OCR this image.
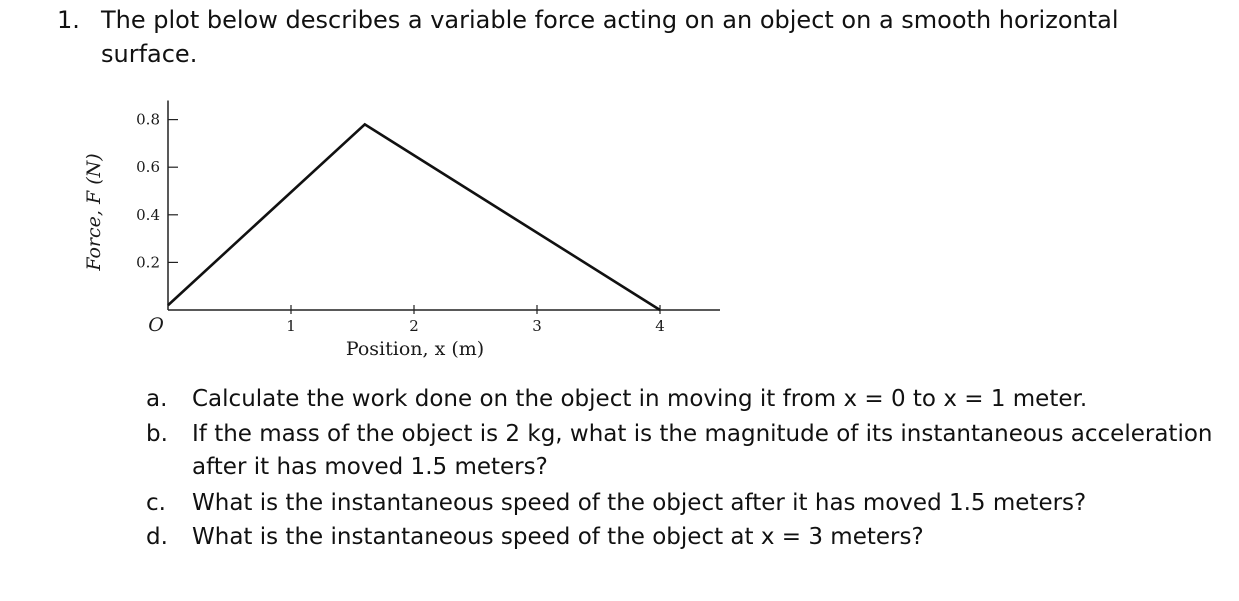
1. The plot below describes a variable force acting on an object on a smooth horizontal surface.
O	1	2	3	4
0.2
0.4
0.6
0.8
Position, x (m)
Force, F (N)
a. Calculate the work done on the object in moving it from x = 0 to x = 1 meter.
b. If the mass of the object is 2 kg, what is the magnitude of its instantaneous acceleration after it has moved 1.5 meters?
c. What is the instantaneous speed of the object after it has moved 1.5 meters?
d. What is the instantaneous speed of the object at x = 3 meters?
